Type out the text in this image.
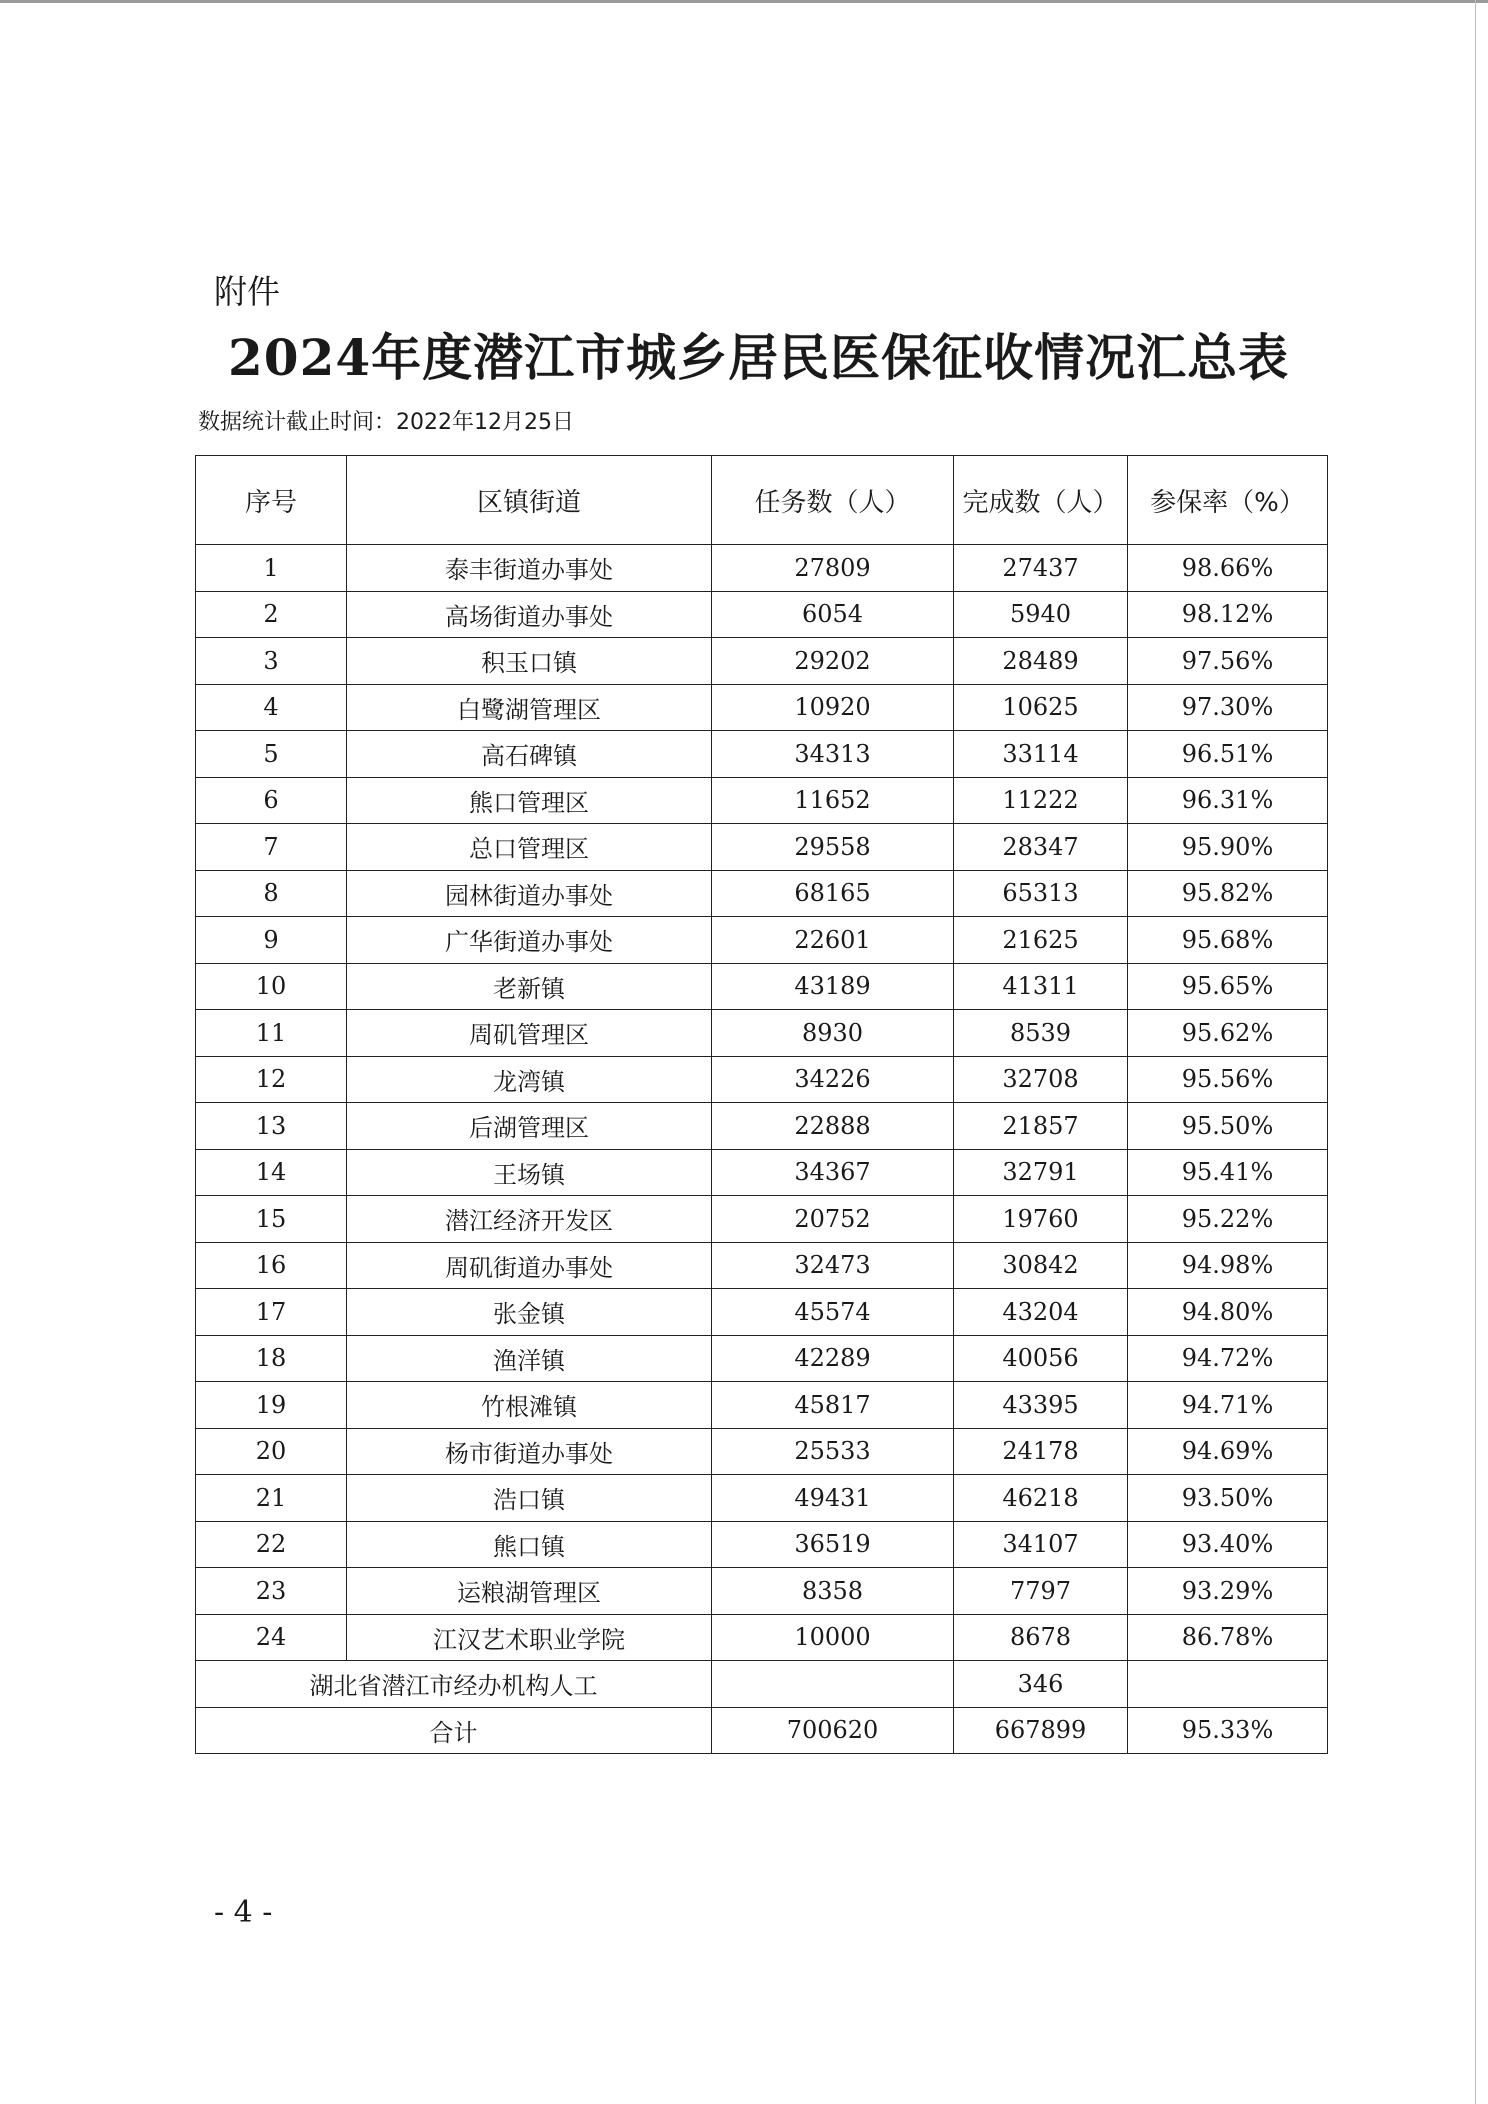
附件
2024年度潜江市城乡居民医保征收情况汇总表
数据统计截止时间：2022年12月25日
序号	区镇街道	任务数（人）	完成数（人）	参保率（%）
1	泰丰街道办事处	27809	27437	98.66%
2	高场街道办事处	6054	5940	98.12%
3	积玉口镇	29202	28489	97.56%
4	白鹭湖管理区	10920	10625	97.30%
5	高石碑镇	34313	33114	96.51%
6	熊口管理区	11652	11222	96.31%
7	总口管理区	29558	28347	95.90%
8	园林街道办事处	68165	65313	95.82%
9	广华街道办事处	22601	21625	95.68%
10	老新镇	43189	41311	95.65%
11	周矶管理区	8930	8539	95.62%
12	龙湾镇	34226	32708	95.56%
13	后湖管理区	22888	21857	95.50%
14	王场镇	34367	32791	95.41%
15	潜江经济开发区	20752	19760	95.22%
16	周矶街道办事处	32473	30842	94.98%
17	张金镇	45574	43204	94.80%
18	渔洋镇	42289	40056	94.72%
19	竹根滩镇	45817	43395	94.71%
20	杨市街道办事处	25533	24178	94.69%
21	浩口镇	49431	46218	93.50%
22	熊口镇	36519	34107	93.40%
23	运粮湖管理区	8358	7797	93.29%
24	江汉艺术职业学院	10000	8678	86.78%
湖北省潜江市经办机构人工			346	
合计		700620	667899	95.33%
- 4 -
